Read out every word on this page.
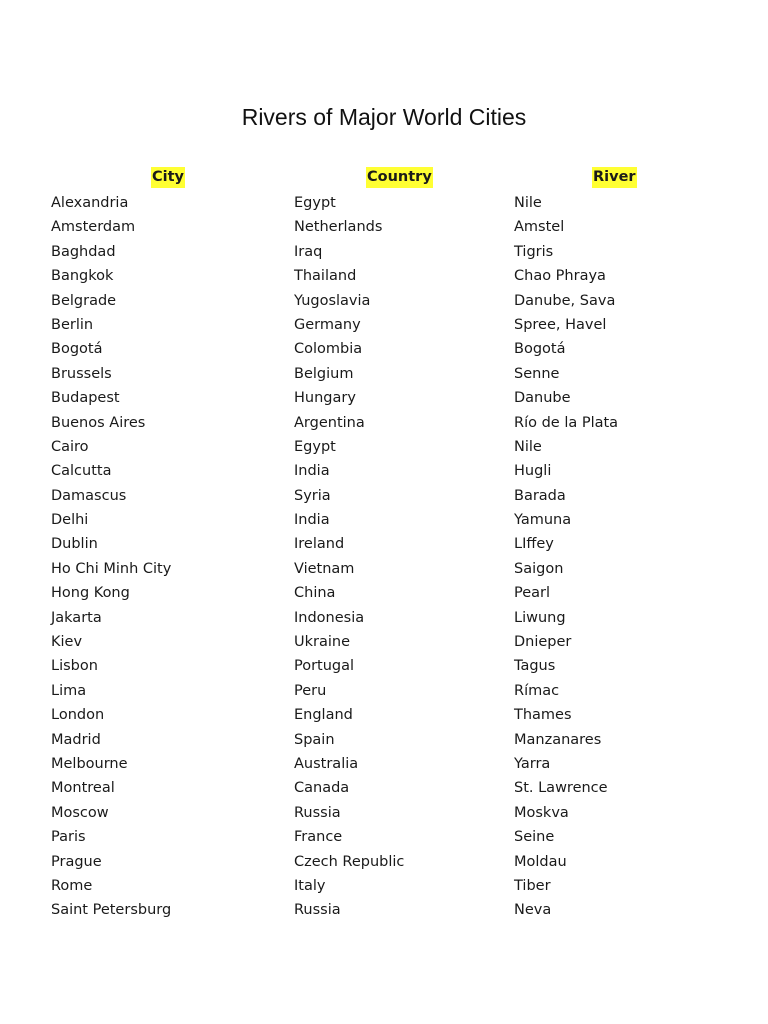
Rivers of Major World Cities
City	Country	River
Alexandria	Egypt	Nile
Amsterdam	Netherlands	Amstel
Baghdad	Iraq	Tigris
Bangkok	Thailand	Chao Phraya
Belgrade	Yugoslavia	Danube, Sava
Berlin	Germany	Spree, Havel
Bogotá	Colombia	Bogotá
Brussels	Belgium	Senne
Budapest	Hungary	Danube
Buenos Aires	Argentina	Río de la Plata
Cairo	Egypt	Nile
Calcutta	India	Hugli
Damascus	Syria	Barada
Delhi	India	Yamuna
Dublin	Ireland	LIffey
Ho Chi Minh City	Vietnam	Saigon
Hong Kong	China	Pearl
Jakarta	Indonesia	Liwung
Kiev	Ukraine	Dnieper
Lisbon	Portugal	Tagus
Lima	Peru	Rímac
London	England	Thames
Madrid	Spain	Manzanares
Melbourne	Australia	Yarra
Montreal	Canada	St. Lawrence
Moscow	Russia	Moskva
Paris	France	Seine
Prague	Czech Republic	Moldau
Rome	Italy	Tiber
Saint Petersburg	Russia	Neva
